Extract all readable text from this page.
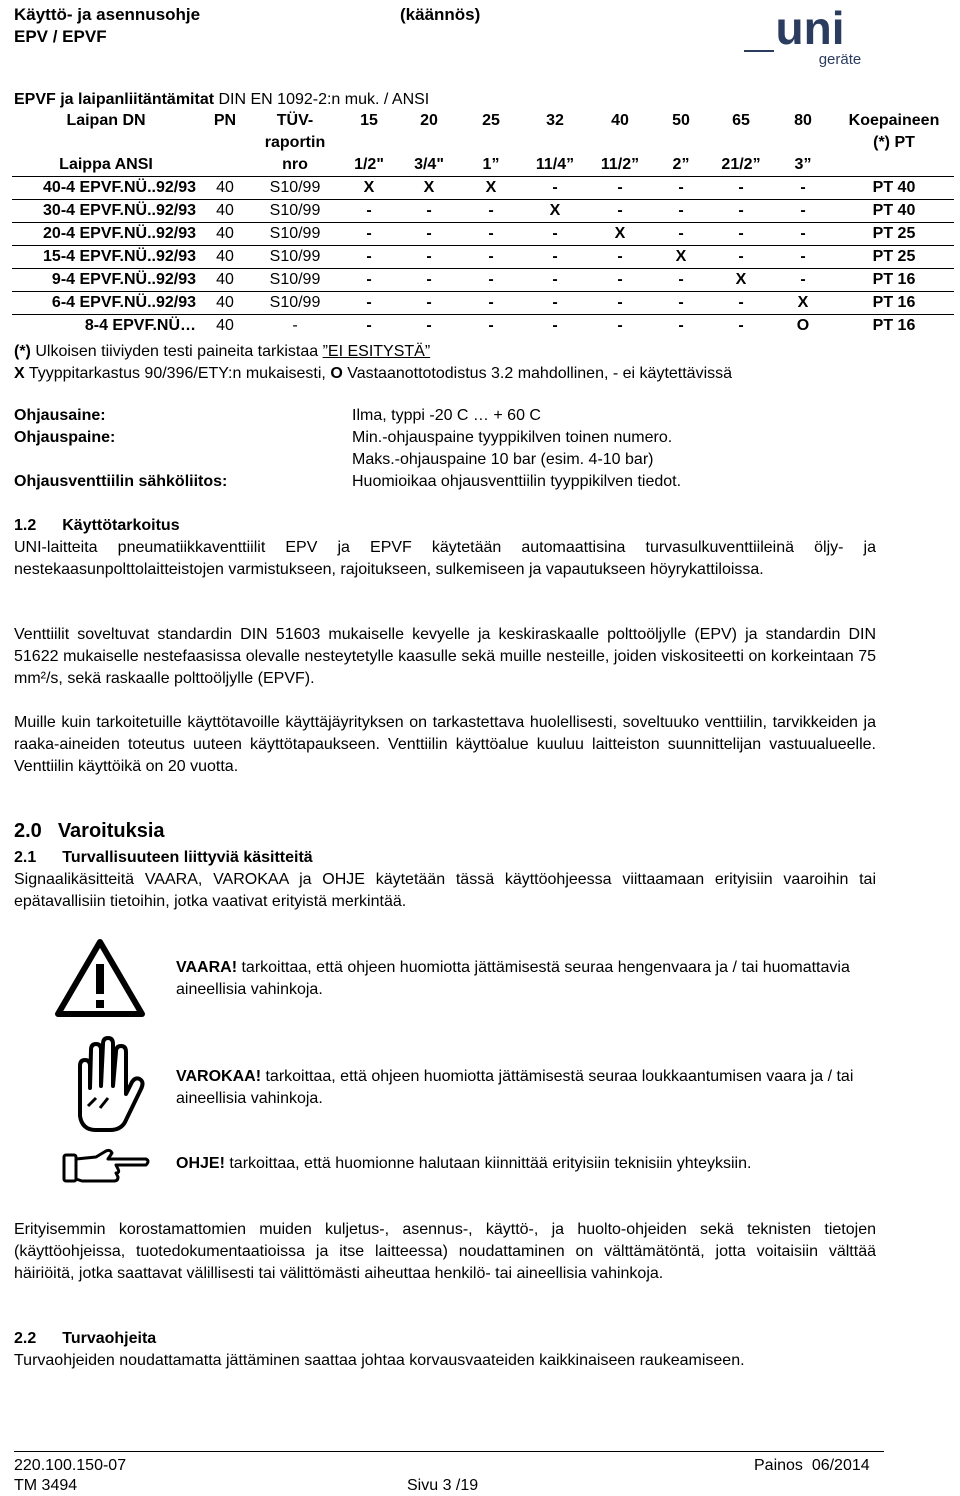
Käyttö- ja asennusohje
EPV / EPVF
(käännös)	uni
geräte
EPVF ja laipanliitäntämitat DIN EN 1092-2:n muk. / ANSI
Laipan DN	PN	TÜV-	15	20	25	32	40	50	65	80	Koepaineen
		raportin									(*) PT
Laippa ANSI		nro	1/2"	3/4"	1”	11/4”	11/2”	2”	21/2”	3”	
40-4 EPVF.NÜ..92/93	40	S10/99	X	X	X	-	-	-	-	-	PT 40
30-4 EPVF.NÜ..92/93	40	S10/99	-	-	-	X	-	-	-	-	PT 40
20-4 EPVF.NÜ..92/93	40	S10/99	-	-	-	-	X	-	-	-	PT 25
15-4 EPVF.NÜ..92/93	40	S10/99	-	-	-	-	-	X	-	-	PT 25
9-4 EPVF.NÜ..92/93	40	S10/99	-	-	-	-	-	-	X	-	PT 16
6-4 EPVF.NÜ..92/93	40	S10/99	-	-	-	-	-	-	-	X	PT 16
8-4 EPVF.NÜ…	40	-	-	-	-	-	-	-	-	O	PT 16
(*) Ulkoisen tiiviyden testi paineita tarkistaa ”EI ESITYSTÄ”
X Tyyppitarkastus 90/396/ETY:n mukaisesti, O Vastaanottotodistus 3.2 mahdollinen, - ei käytettävissä
Ohjausaine:	Ilma, typpi -20 C … + 60 C
Ohjauspaine:	Min.-ohjauspaine tyyppikilven toinen numero.
Maks.-ohjauspaine 10 bar (esim. 4-10 bar)
Ohjausventtiilin sähköliitos:	Huomioikaa ohjausventtiilin tyyppikilven tiedot.
1.2 Käyttötarkoitus
UNI-laitteita pneumatiikkaventtiilit EPV ja EPVF käytetään automaattisina turvasulkuventtiileinä öljy- ja nestekaasunpolttolaitteistojen varmistukseen, rajoitukseen, sulkemiseen ja vapautukseen höyrykattiloissa.
Venttiilit soveltuvat standardin DIN 51603 mukaiselle kevyelle ja keskiraskaalle polttoöljylle (EPV) ja standardin DIN 51622 mukaiselle nestefaasissa olevalle nesteytetylle kaasulle sekä muille nesteille, joiden viskositeetti on korkeintaan 75 mm²/s, sekä raskaalle polttoöljylle (EPVF).
Muille kuin tarkoitetuille käyttötavoille käyttäjäyrityksen on tarkastettava huolellisesti, soveltuuko venttiilin, tarvikkeiden ja raaka-aineiden toteutus uuteen käyttötapaukseen. Venttiilin käyttöalue kuuluu laitteiston suunnittelijan vastuualueelle. Venttiilin käyttöikä on 20 vuotta.
2.0 Varoituksia
2.1 Turvallisuuteen liittyviä käsitteitä
Signaalikäsitteitä VAARA, VAROKAA ja OHJE käytetään tässä käyttöohjeessa viittaamaan erityisiin vaaroihin tai epätavallisiin tietoihin, jotka vaativat erityistä merkintää.
VAARA! tarkoittaa, että ohjeen huomiotta jättämisestä seuraa hengenvaara ja / tai huomattavia aineellisia vahinkoja.
VAROKAA! tarkoittaa, että ohjeen huomiotta jättämisestä seuraa loukkaantumisen vaara ja / tai aineellisia vahinkoja.
OHJE! tarkoittaa, että huomionne halutaan kiinnittää erityisiin teknisiin yhteyksiin.
Erityisemmin korostamattomien muiden kuljetus-, asennus-, käyttö-, ja huolto-ohjeiden sekä teknisten tietojen (käyttöohjeissa, tuotedokumentaatioissa ja itse laitteessa) noudattaminen on välttämätöntä, jotta voitaisiin välttää häiriöitä, jotka saattavat välillisesti tai välittömästi aiheuttaa henkilö- tai aineellisia vahinkoja.
2.2 Turvaohjeita
Turvaohjeiden noudattamatta jättäminen saattaa johtaa korvausvaateiden kaikkinaiseen raukeamiseen.
220.100.150-07
TM 3494	Sivu 3 /19
Painos  06/2014
